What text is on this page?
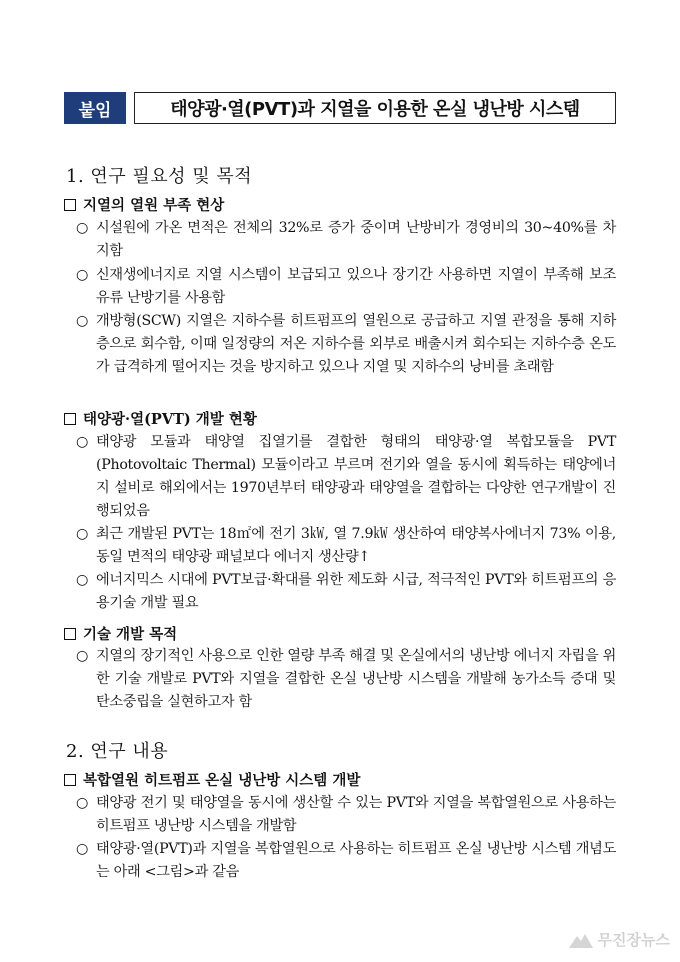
붙임	태양광·열(PVT)과 지열을 이용한 온실 냉난방 시스템
1. 연구 필요성 및 목적
지열의 열원 부족 현상
○ 시설원에 가온 면적은 전체의 32%로 증가 중이며 난방비가 경영비의 30~40%를 차지함
○ 신재생에너지로 지열 시스템이 보급되고 있으나 장기간 사용하면 지열이 부족해 보조 유류 난방기를 사용함
○ 개방형(SCW) 지열은 지하수를 히트펌프의 열원으로 공급하고 지열 관정을 통해 지하층으로 회수함, 이때 일정량의 저온 지하수를 외부로 배출시켜 회수되는 지하수층 온도가 급격하게 떨어지는 것을 방지하고 있으나 지열 및 지하수의 낭비를 초래함
태양광·열(PVT) 개발 현황
○ 태양광 모듈과 태양열 집열기를 결합한 형태의 태양광·열 복합모듈을 PVT (Photovoltaic Thermal) 모듈이라고 부르며 전기와 열을 동시에 획득하는 태양에너지 설비로 해외에서는 1970년부터 태양광과 태양열을 결합하는 다양한 연구개발이 진행되었음
○ 최근 개발된 PVT는 18㎡에 전기 3㎾, 열 7.9㎾ 생산하여 태양복사에너지 73% 이용, 동일 면적의 태양광 패널보다 에너지 생산량↑
○ 에너지믹스 시대에 PVT보급·확대를 위한 제도화 시급, 적극적인 PVT와 히트펌프의 응용기술 개발 필요
기술 개발 목적
○ 지열의 장기적인 사용으로 인한 열량 부족 해결 및 온실에서의 냉난방 에너지 자립을 위한 기술 개발로 PVT와 지열을 결합한 온실 냉난방 시스템을 개발해 농가소득 증대 및 탄소중립을 실현하고자 함
2. 연구 내용
복합열원 히트펌프 온실 냉난방 시스템 개발
○ 태양광 전기 및 태양열을 동시에 생산할 수 있는 PVT와 지열을 복합열원으로 사용하는 히트펌프 냉난방 시스템을 개발함
○ 태양광·열(PVT)과 지열을 복합열원으로 사용하는 히트펌프 온실 냉난방 시스템 개념도는 아래 <그림>과 같음
무진장뉴스
